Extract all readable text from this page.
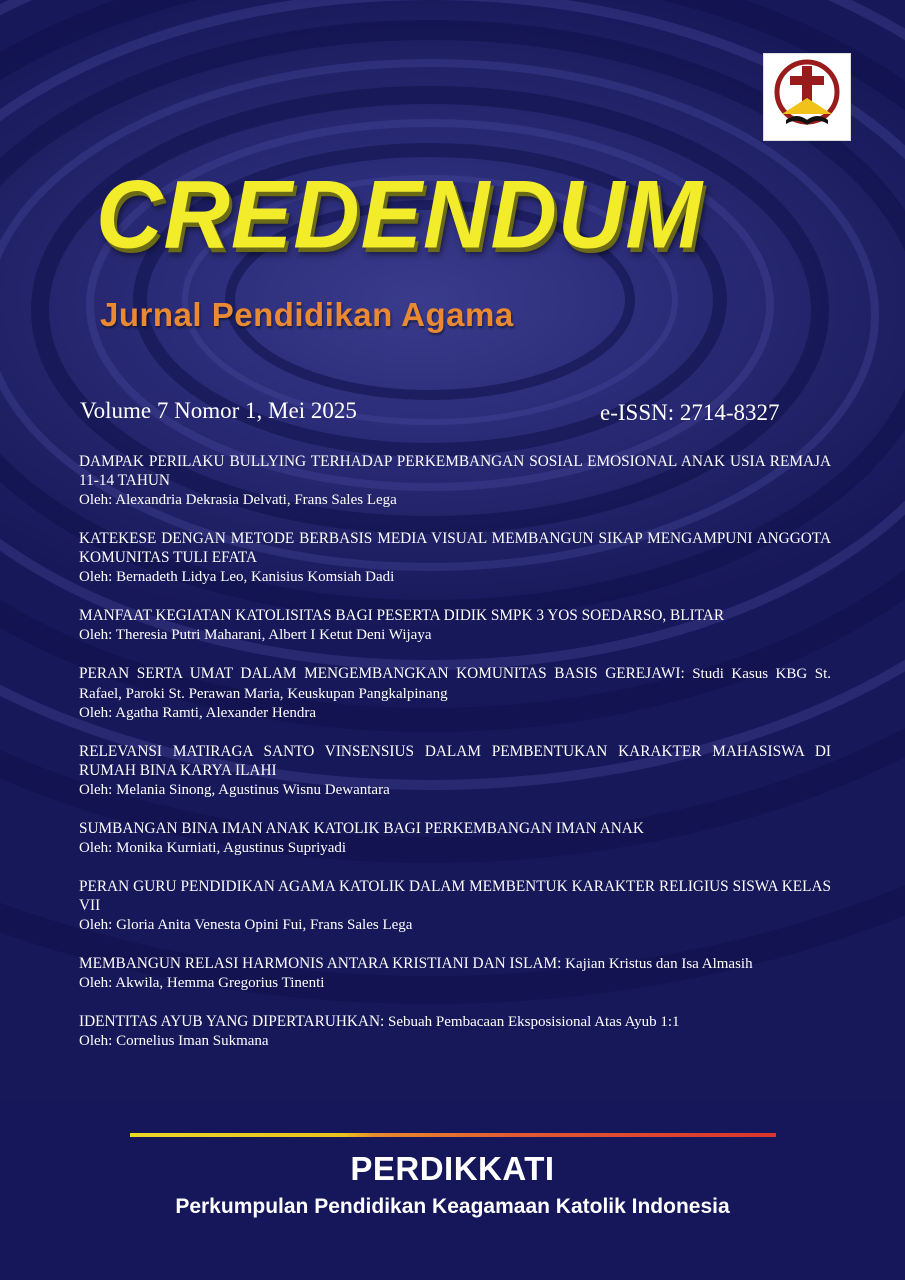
CREDENDUM
Jurnal Pendidikan Agama
Volume 7 Nomor 1, Mei 2025	e-ISSN: 2714-8327
DAMPAK PERILAKU BULLYING TERHADAP PERKEMBANGAN SOSIAL EMOSIONAL ANAK USIA REMAJA 11-14 TAHUN
Oleh: Alexandria Dekrasia Delvati, Frans Sales Lega
KATEKESE DENGAN METODE BERBASIS MEDIA VISUAL MEMBANGUN SIKAP MENGAMPUNI ANGGOTA KOMUNITAS TULI EFATA
Oleh: Bernadeth Lidya Leo, Kanisius Komsiah Dadi
MANFAAT KEGIATAN KATOLISITAS BAGI PESERTA DIDIK SMPK 3 YOS SOEDARSO, BLITAR
Oleh: Theresia Putri Maharani, Albert I Ketut Deni Wijaya
PERAN SERTA UMAT DALAM MENGEMBANGKAN KOMUNITAS BASIS GEREJAWI: Studi Kasus KBG St. Rafael, Paroki St. Perawan Maria, Keuskupan Pangkalpinang
Oleh: Agatha Ramti, Alexander Hendra
RELEVANSI MATIRAGA SANTO VINSENSIUS DALAM PEMBENTUKAN KARAKTER MAHASISWA DI RUMAH BINA KARYA ILAHI
Oleh: Melania Sinong, Agustinus Wisnu Dewantara
SUMBANGAN BINA IMAN ANAK KATOLIK BAGI PERKEMBANGAN IMAN ANAK
Oleh: Monika Kurniati, Agustinus Supriyadi
PERAN GURU PENDIDIKAN AGAMA KATOLIK DALAM MEMBENTUK KARAKTER RELIGIUS SISWA KELAS VII
Oleh: Gloria Anita Venesta Opini Fui, Frans Sales Lega
MEMBANGUN RELASI HARMONIS ANTARA KRISTIANI DAN ISLAM: Kajian Kristus dan Isa Almasih
Oleh: Akwila, Hemma Gregorius Tinenti
IDENTITAS AYUB YANG DIPERTARUHKAN: Sebuah Pembacaan Eksposisional Atas Ayub 1:1
Oleh: Cornelius Iman Sukmana
PERDIKKATI
Perkumpulan Pendidikan Keagamaan Katolik Indonesia
